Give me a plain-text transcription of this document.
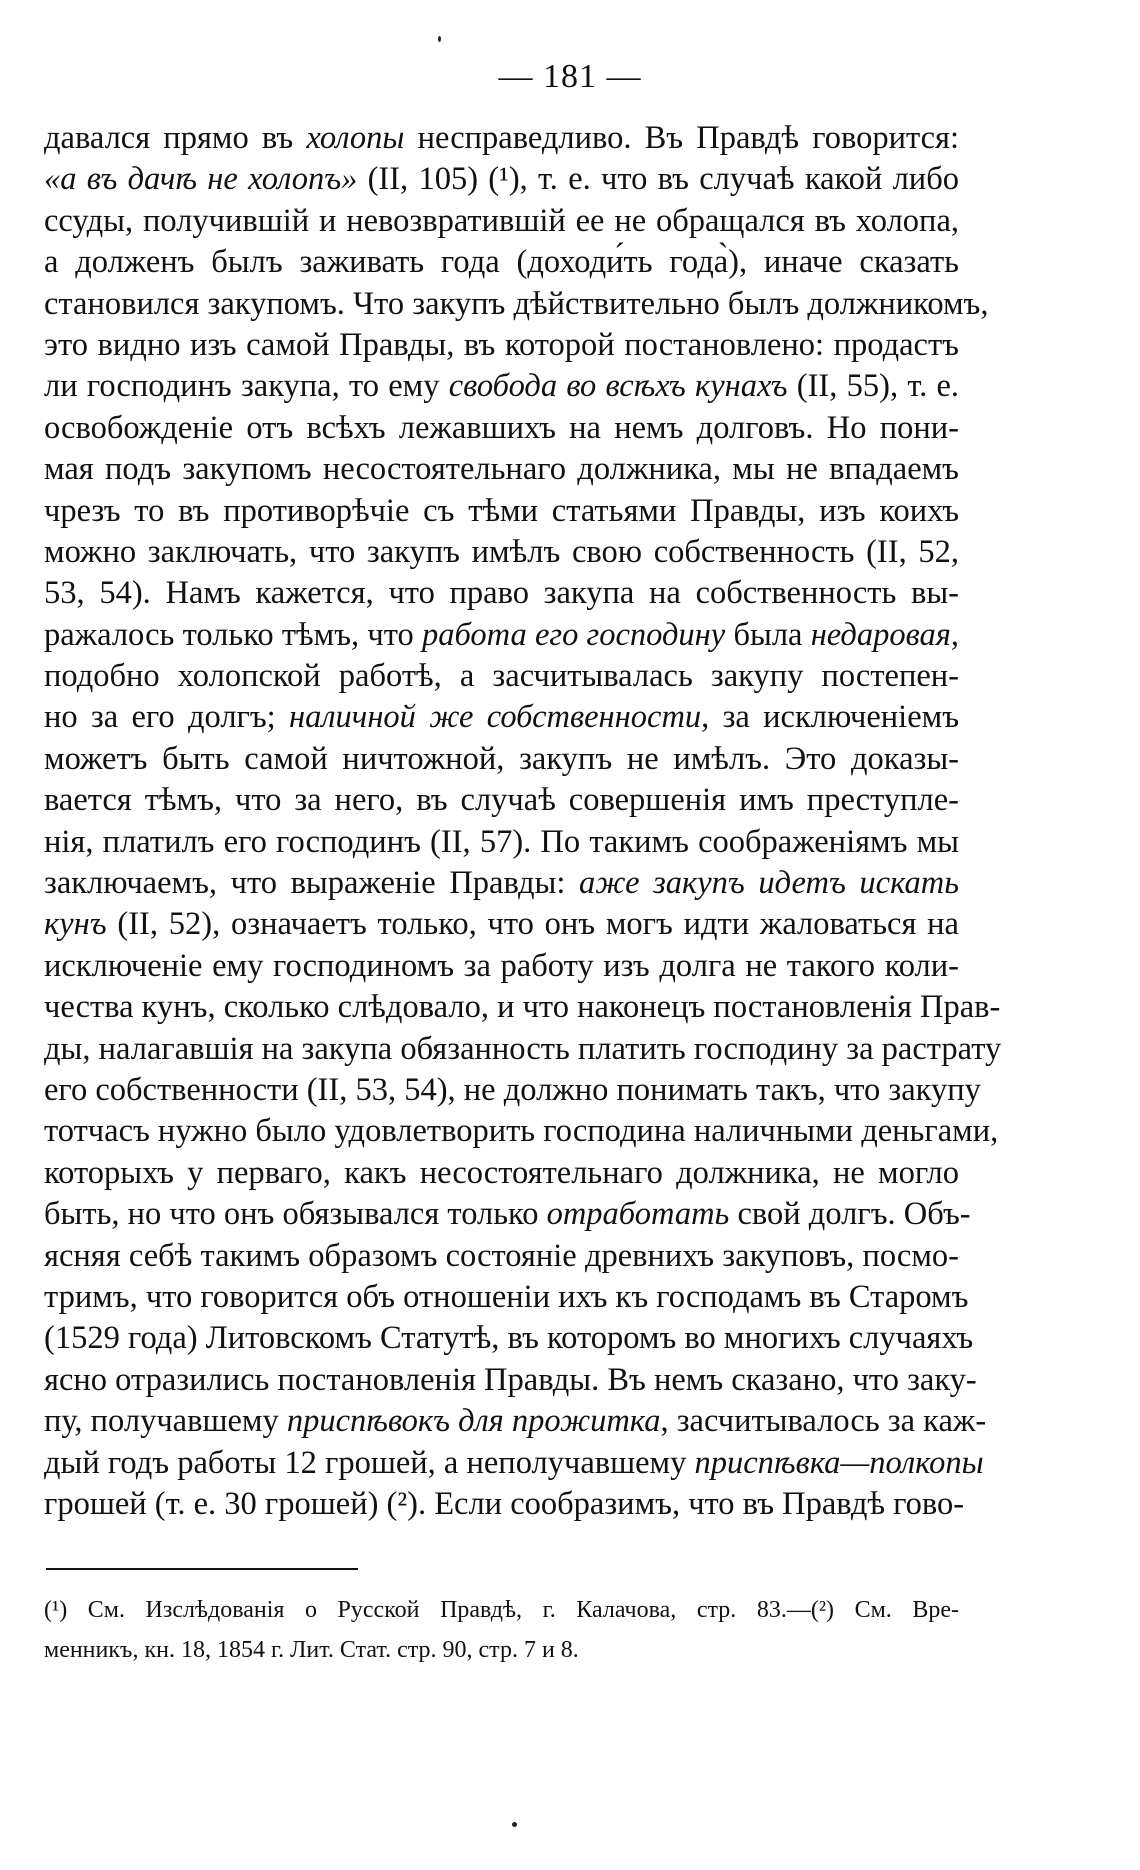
— 181 —
давался прямо въ холопы несправедливо. Въ Правдѣ говорится:
«а въ дачѣ не холопъ» (II, 105) (¹), т. е. что въ случаѣ какой либо
ссуды, получившій и невозвратившій ее не обращался въ холопа,
а долженъ былъ заживать года (доходи́ть года̀), иначе сказать
становился закупомъ. Что закупъ дѣйствительно былъ должникомъ,
это видно изъ самой Правды, въ которой постановлено: продастъ
ли господинъ закупа, то ему свобода во всѣхъ кунахъ (II, 55), т. е.
освобожденіе отъ всѣхъ лежавшихъ на немъ долговъ. Но пони-
мая подъ закупомъ несостоятельнаго должника, мы не впадаемъ
чрезъ то въ противорѣчіе съ тѣми статьями Правды, изъ коихъ
можно заключать, что закупъ имѣлъ свою собственность (II, 52,
53, 54). Намъ кажется, что право закупа на собственность вы-
ражалось только тѣмъ, что работа его господину была недаровая,
подобно холопской работѣ, а засчитывалась закупу постепен-
но за его долгъ; наличной же собственности, за исключеніемъ
можетъ быть самой ничтожной, закупъ не имѣлъ. Это доказы-
вается тѣмъ, что за него, въ случаѣ совершенія имъ преступле-
нія, платилъ его господинъ (II, 57). По такимъ соображеніямъ мы
заключаемъ, что выраженіе Правды: аже закупъ идетъ искать
кунъ (II, 52), означаетъ только, что онъ могъ идти жаловаться на
исключеніе ему господиномъ за работу изъ долга не такого коли-
чества кунъ, сколько слѣдовало, и что наконецъ постановленія Прав-
ды, налагавшія на закупа обязанность платить господину за растрату
его собственности (II, 53, 54), не должно понимать такъ, что закупу
тотчасъ нужно было удовлетворить господина наличными деньгами,
которыхъ у перваго, какъ несостоятельнаго должника, не могло
быть, но что онъ обязывался только отработать свой долгъ. Объ-
ясняя себѣ такимъ образомъ состояніе древнихъ закуповъ, посмо-
тримъ, что говорится объ отношеніи ихъ къ господамъ въ Старомъ
(1529 года) Литовскомъ Статутѣ, въ которомъ во многихъ случаяхъ
ясно отразились постановленія Правды. Въ немъ сказано, что заку-
пу, получавшему приспѣвокъ для прожитка, засчитывалось за каж-
дый годъ работы 12 грошей, а неполучавшему приспѣвка—полкопы
грошей (т. е. 30 грошей) (²). Если сообразимъ, что въ Правдѣ гово-
(¹) См. Изслѣдованія о Русской Правдѣ, г. Калачова, стр. 83.—(²) См. Вре-
менникъ, кн. 18, 1854 г. Лит. Стат. стр. 90, стр. 7 и 8.
